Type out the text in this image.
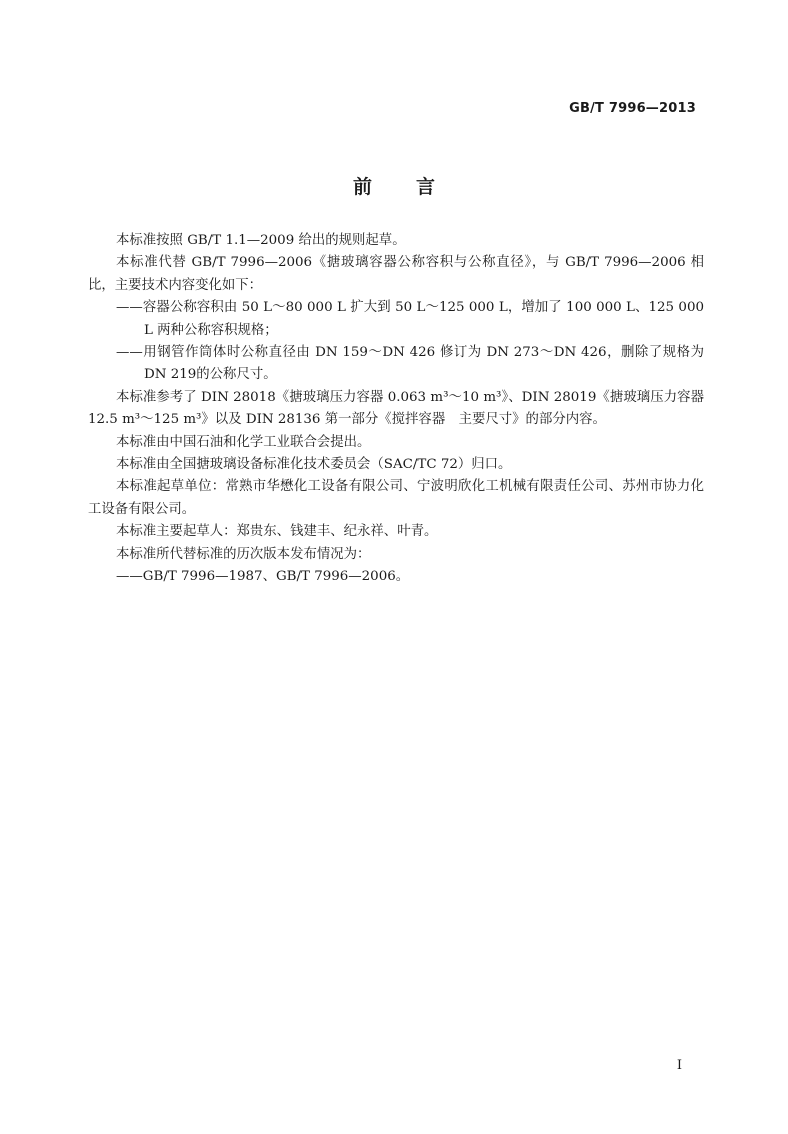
GB/T 7996—2013
前言

本标准按照 GB/T 1.1—2009 给出的规则起草。

本标准代替 GB/T 7996—2006《搪玻璃容器公称容积与公称直径》，与 GB/T 7996—2006 相比，主要技术内容变化如下：

——容器公称容积由 50 L～80 000 L 扩大到 50 L～125 000 L，增加了 100 000 L、125 000 L 两种公称容积规格；

——用钢管作筒体时公称直径由 DN 159～DN 426 修订为 DN 273～DN 426，删除了规格为 DN 219的公称尺寸。

本标准参考了 DIN 28018《搪玻璃压力容器 0.063 m³～10 m³》、DIN 28019《搪玻璃压力容器 12.5 m³～125 m³》以及 DIN 28136 第一部分《搅拌容器　主要尺寸》的部分内容。

本标准由中国石油和化学工业联合会提出。

本标准由全国搪玻璃设备标准化技术委员会（SAC/TC 72）归口。

本标准起草单位：常熟市华懋化工设备有限公司、宁波明欣化工机械有限责任公司、苏州市协力化工设备有限公司。

本标准主要起草人：郑贵东、钱建丰、纪永祥、叶青。

本标准所代替标准的历次版本发布情况为：

——GB/T 7996—1987、GB/T 7996—2006。

I
